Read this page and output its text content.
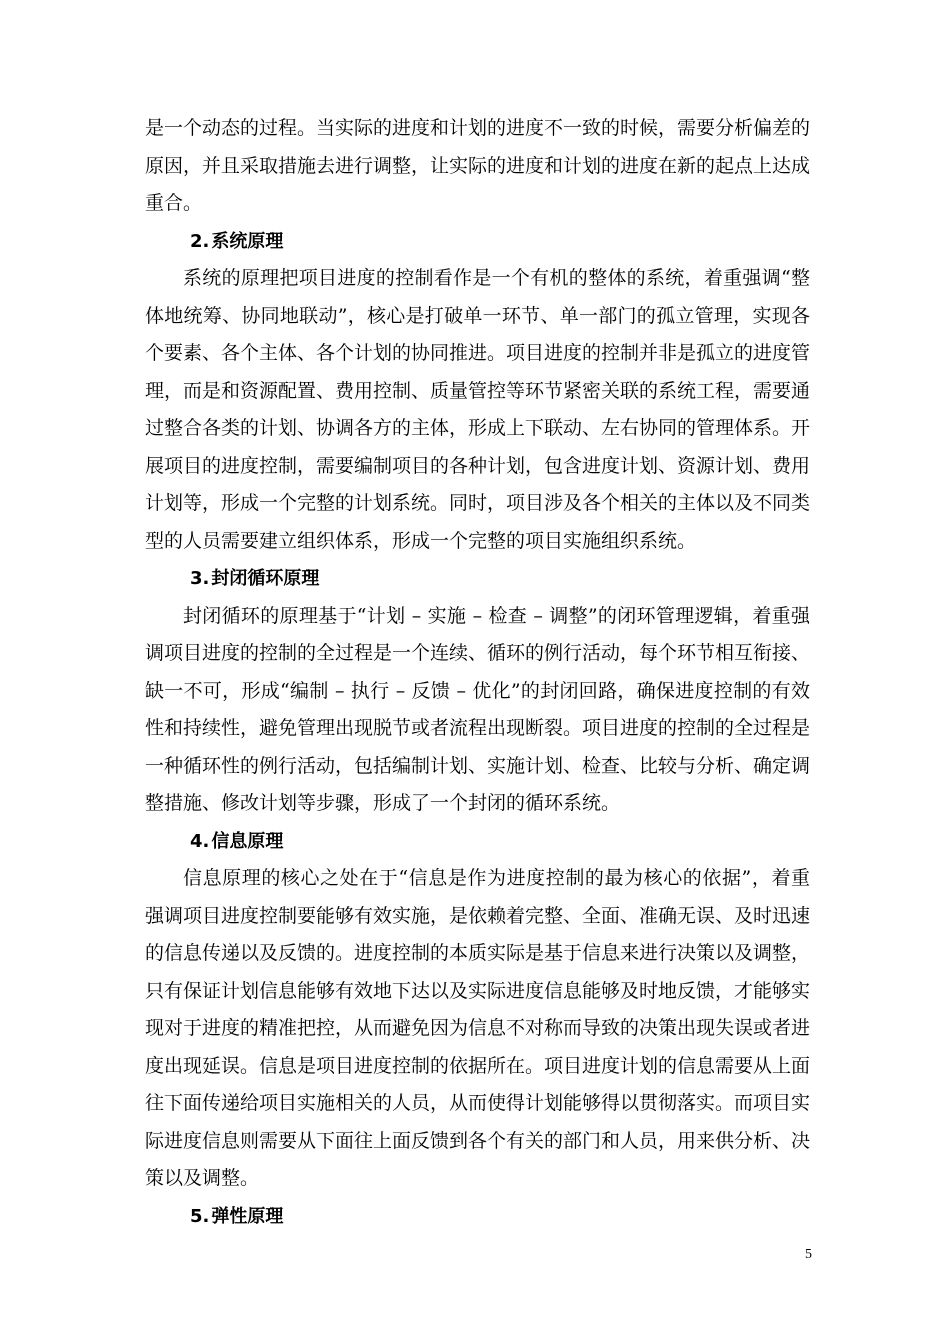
是一个动态的过程。当实际的进度和计划的进度不一致的时候，需要分析偏差的原因，并且采取措施去进行调整，让实际的进度和计划的进度在新的起点上达成重合。

2. 系统原理

系统的原理把项目进度的控制看作是一个有机的整体的系统，着重强调“整体地统筹、协同地联动”，核心是打破单一环节、单一部门的孤立管理，实现各个要素、各个主体、各个计划的协同推进。项目进度的控制并非是孤立的进度管理，而是和资源配置、费用控制、质量管控等环节紧密关联的系统工程，需要通过整合各类的计划、协调各方的主体，形成上下联动、左右协同的管理体系。开展项目的进度控制，需要编制项目的各种计划，包含进度计划、资源计划、费用计划等，形成一个完整的计划系统。同时，项目涉及各个相关的主体以及不同类型的人员需要建立组织体系，形成一个完整的项目实施组织系统。

3. 封闭循环原理

封闭循环的原理基于“计划 – 实施 – 检查 – 调整”的闭环管理逻辑，着重强调项目进度的控制的全过程是一个连续、循环的例行活动，每个环节相互衔接、缺一不可，形成“编制 – 执行 – 反馈 – 优化”的封闭回路，确保进度控制的有效性和持续性，避免管理出现脱节或者流程出现断裂。项目进度的控制的全过程是一种循环性的例行活动，包括编制计划、实施计划、检查、比较与分析、确定调整措施、修改计划等步骤，形成了一个封闭的循环系统。

4. 信息原理

信息原理的核心之处在于“信息是作为进度控制的最为核心的依据”，着重强调项目进度控制要能够有效实施，是依赖着完整、全面、准确无误、及时迅速的信息传递以及反馈的。进度控制的本质实际是基于信息来进行决策以及调整，只有保证计划信息能够有效地下达以及实际进度信息能够及时地反馈，才能够实现对于进度的精准把控，从而避免因为信息不对称而导致的决策出现失误或者进度出现延误。信息是项目进度控制的依据所在。项目进度计划的信息需要从上面往下面传递给项目实施相关的人员，从而使得计划能够得以贯彻落实。而项目实际进度信息则需要从下面往上面反馈到各个有关的部门和人员，用来供分析、决策以及调整。

5. 弹性原理
5
